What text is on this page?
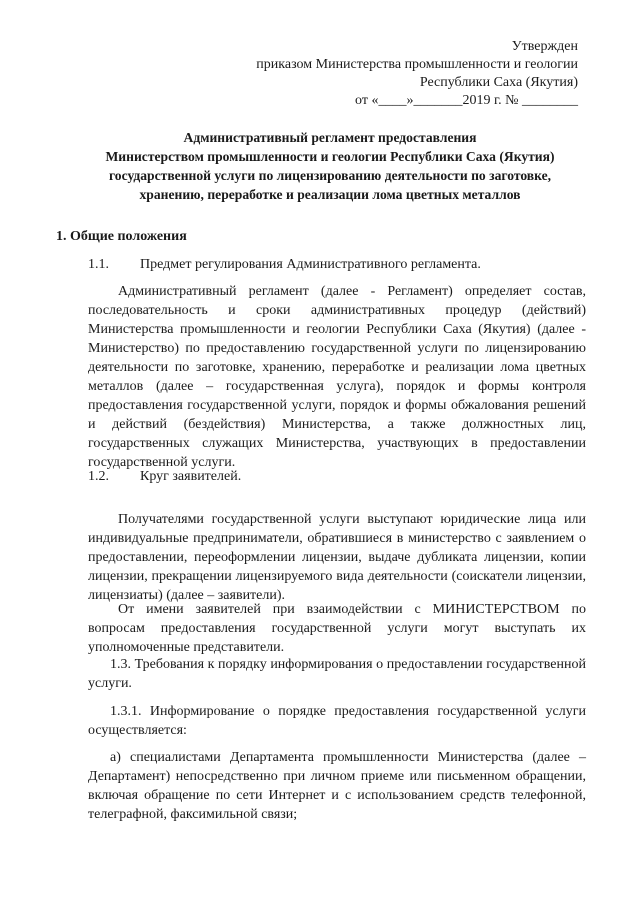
Утвержден
приказом Министерства промышленности и геологии
Республики Саха (Якутия)
от «____»_______2019 г. № ________
Административный регламент предоставления
Министерством промышленности и геологии Республики Саха (Якутия)
государственной услуги по лицензированию деятельности по заготовке,
хранению, переработке и реализации лома цветных металлов
1. Общие положения
1.1. Предмет регулирования Административного регламента.

Административный регламент (далее - Регламент) определяет состав, последовательность и сроки административных процедур (действий) Министерства промышленности и геологии Республики Саха (Якутия) (далее - Министерство) по предоставлению государственной услуги по лицензированию деятельности по заготовке, хранению, переработке и реализации лома цветных металлов (далее – государственная услуга), порядок и формы контроля предоставления государственной услуги, порядок и формы обжалования решений и действий (бездействия) Министерства, а также должностных лиц, государственных служащих Министерства, участвующих в предоставлении государственной услуги.

1.2. Круг заявителей.

Получателями государственной услуги выступают юридические лица или индивидуальные предприниматели, обратившиеся в министерство с заявлением о предоставлении, переоформлении лицензии, выдаче дубликата лицензии, копии лицензии, прекращении лицензируемого вида деятельности (соискатели лицензии, лицензиаты) (далее – заявители).

От имени заявителей при взаимодействии с МИНИСТЕРСТВОМ по вопросам предоставления государственной услуги могут выступать их уполномоченные представители.

1.3. Требования к порядку информирования о предоставлении государственной услуги.

1.3.1. Информирование о порядке предоставления государственной услуги осуществляется:

а) специалистами Департамента промышленности Министерства (далее – Департамент) непосредственно при личном приеме или письменном обращении, включая обращение по сети Интернет и с использованием средств телефонной, телеграфной, факсимильной связи;
